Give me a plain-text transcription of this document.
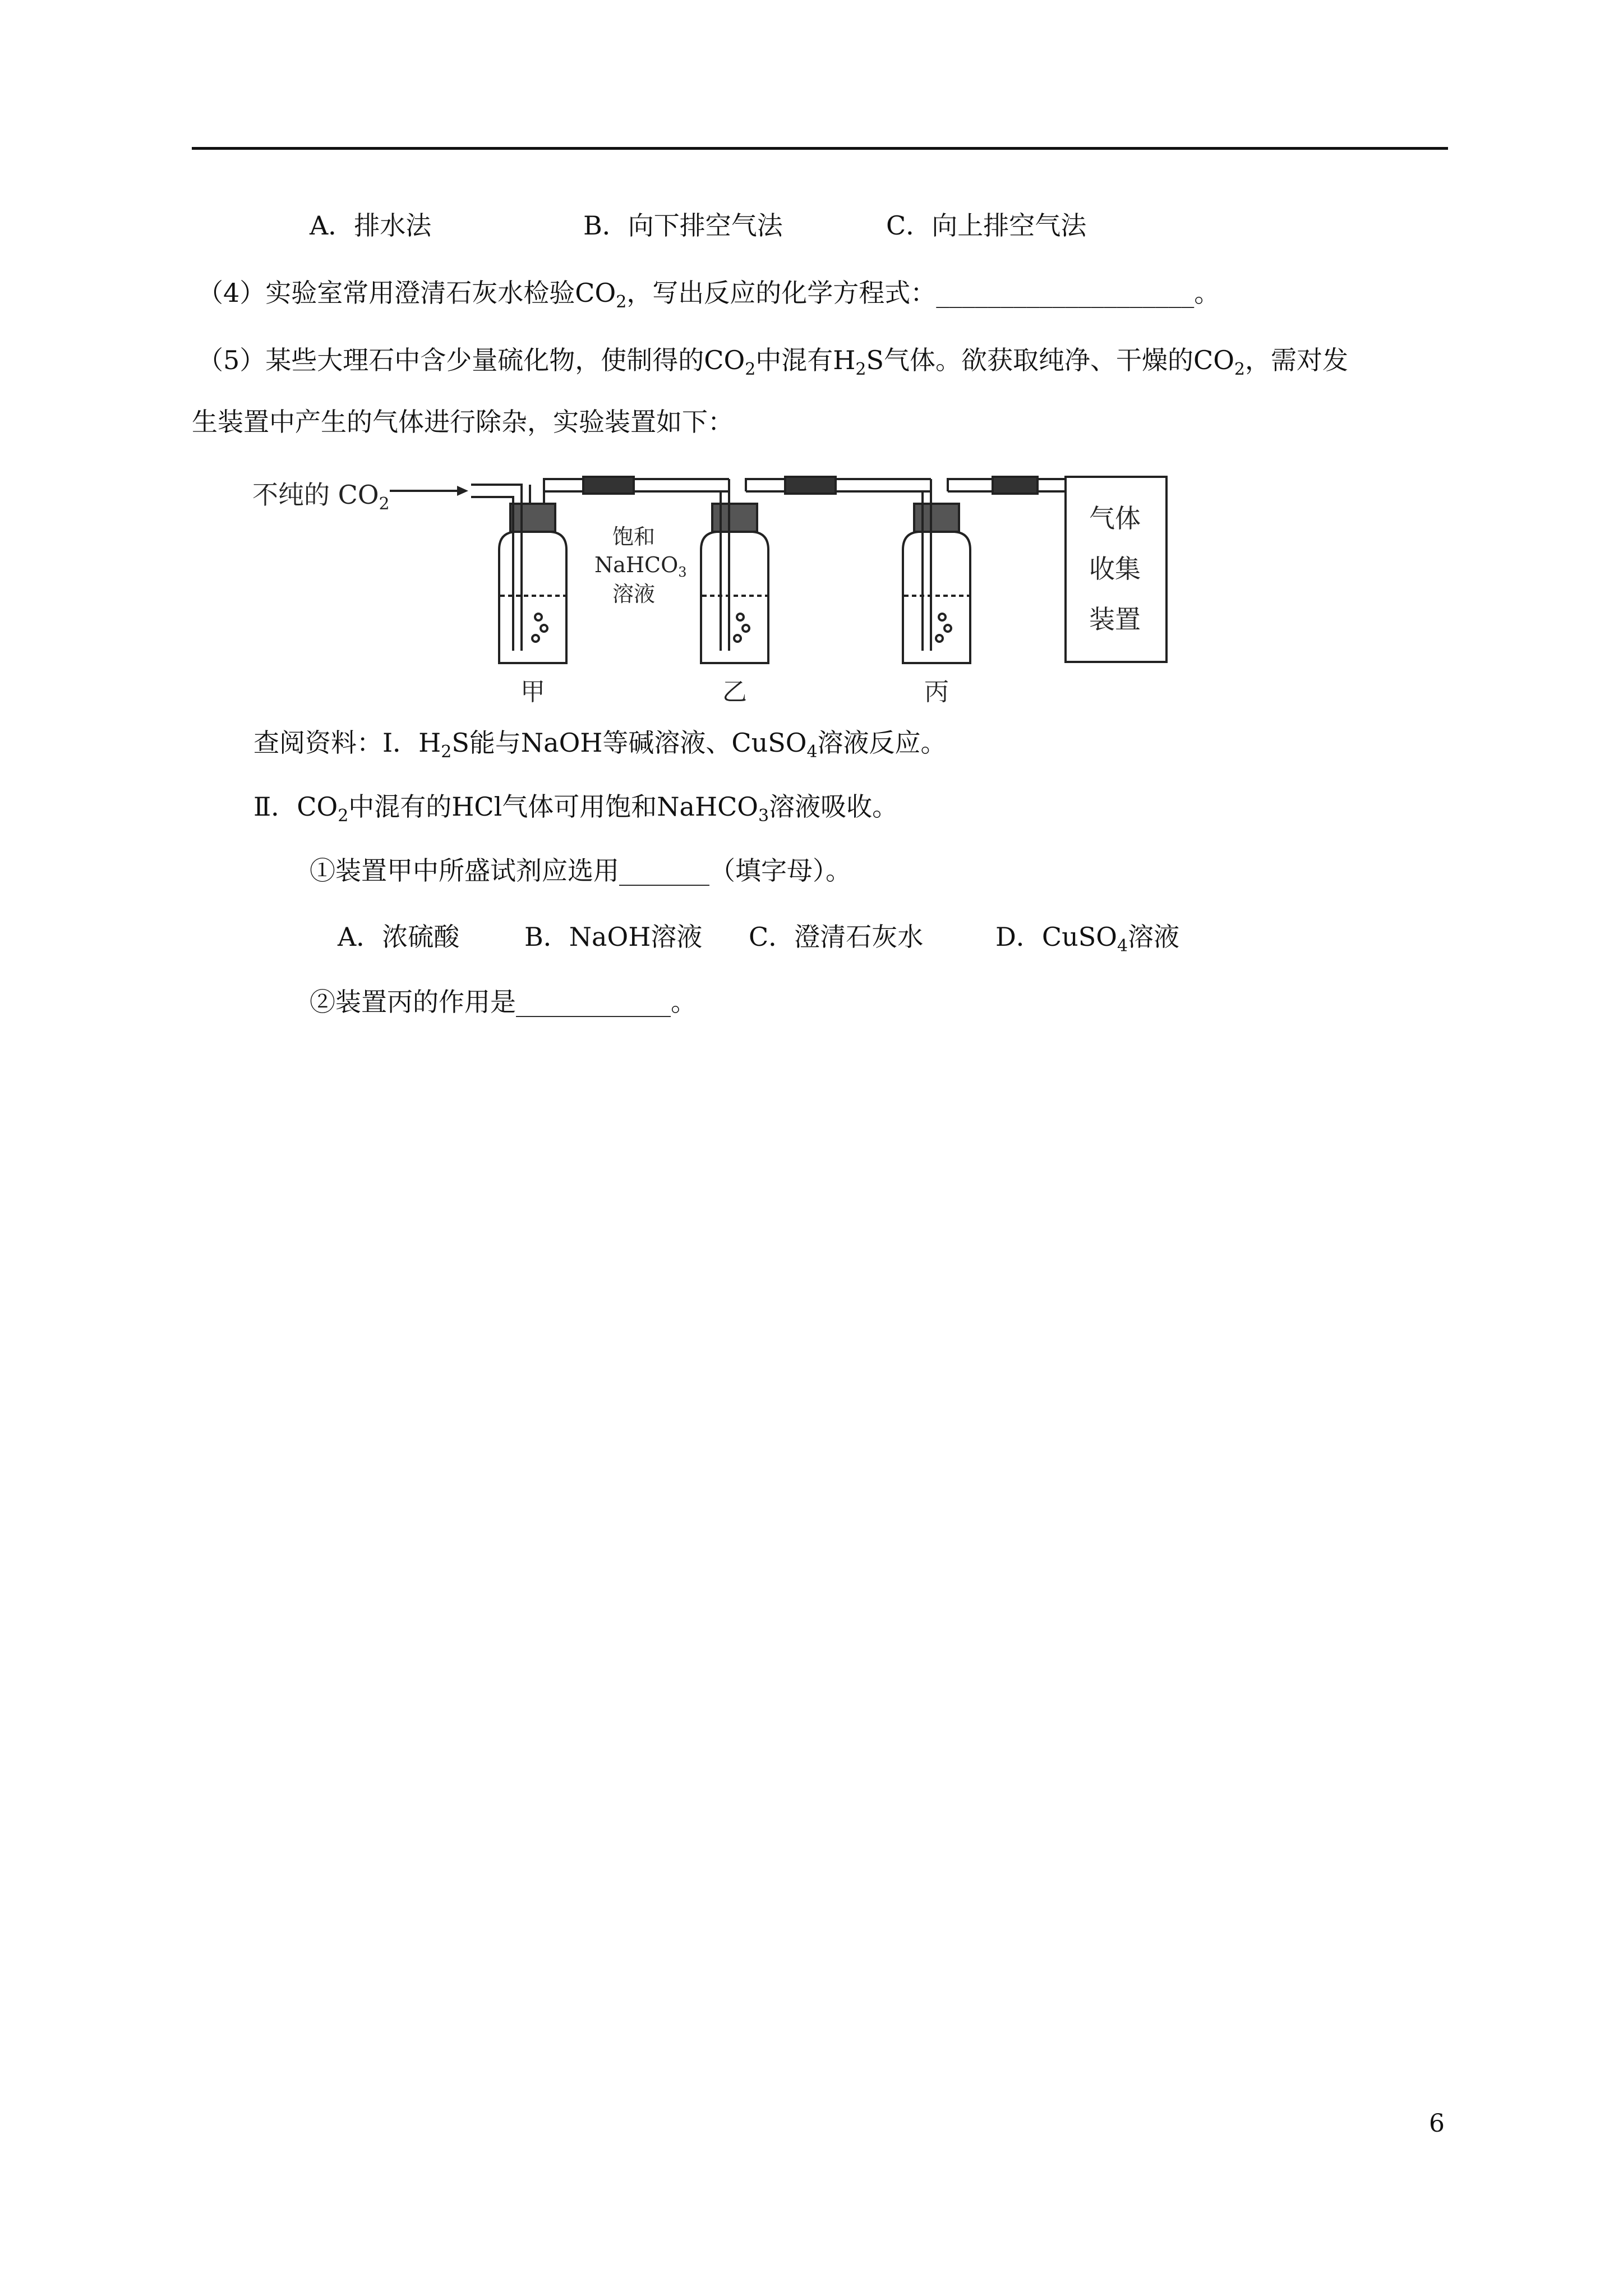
A．排水法	B．向下排空气法	C．向上排空气法
（4）实验室常用澄清石灰水检验$CO_2$，写出反应的化学方程式：____________________。
（5）某些大理石中含少量硫化物，使制得的$CO_2$中混有$H_2S$气体。欲获取纯净、干燥的$CO_2$，需对发
生装置中产生的气体进行除杂，实验装置如下：
不纯的 $CO_2$
饱和
NaHCO$_3$
溶液
气体
收集
装置
甲	乙	丙
查阅资料：I．$H_2S$能与NaOH等碱溶液、CuSO$_4$溶液反应。
Ⅱ．$CO_2$中混有的HCl气体可用饱和NaHCO$_3$溶液吸收。
①装置甲中所盛试剂应选用_______（填字母）。
A．浓硫酸	B．NaOH溶液 C．澄清石灰水	D．CuSO$_4$溶液
②装置丙的作用是____________。
6
